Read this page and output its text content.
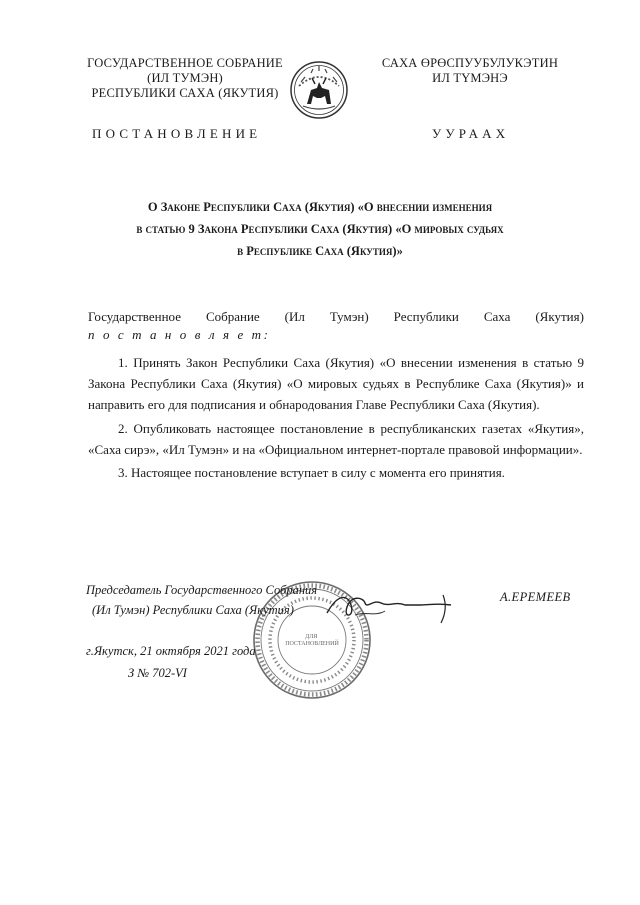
ГОСУДАРСТВЕННОЕ СОБРАНИЕ
(ИЛ ТУМЭН)
РЕСПУБЛИКИ САХА (ЯКУТИЯ)
САХА ӨРӨСПУУБУЛУКЭТИН
ИЛ ТҮМЭНЭ
ПОСТАНОВЛЕНИЕ	УУРААХ
О Законе Республики Саха (Якутия) «О внесении изменения
в статью 9 Закона Республики Саха (Якутия) «О мировых судьях
в Республике Саха (Якутия)»
Государственное Собрание (Ил Тумэн) Республики Саха (Якутия)
п о с т а н о в л я е т:
1. Принять Закон Республики Саха (Якутия) «О внесении изменения в статью 9 Закона Республики Саха (Якутия) «О мировых судьях в Республике Саха (Якутия)» и направить его для подписания и обнародования Главе Республики Саха (Якутия).
2. Опубликовать настоящее постановление в республиканских газетах «Якутия», «Саха сирэ», «Ил Тумэн» и на «Официальном интернет-портале правовой информации».
3. Настоящее постановление вступает в силу с момента его принятия.
ДЛЯ ПОСТАНОВЛЕНИЙ
Председатель Государственного Собрания
(Ил Тумэн) Республики Саха (Якутия)
А.ЕРЕМЕЕВ
г.Якутск, 21 октября 2021 года
З № 702-VI
